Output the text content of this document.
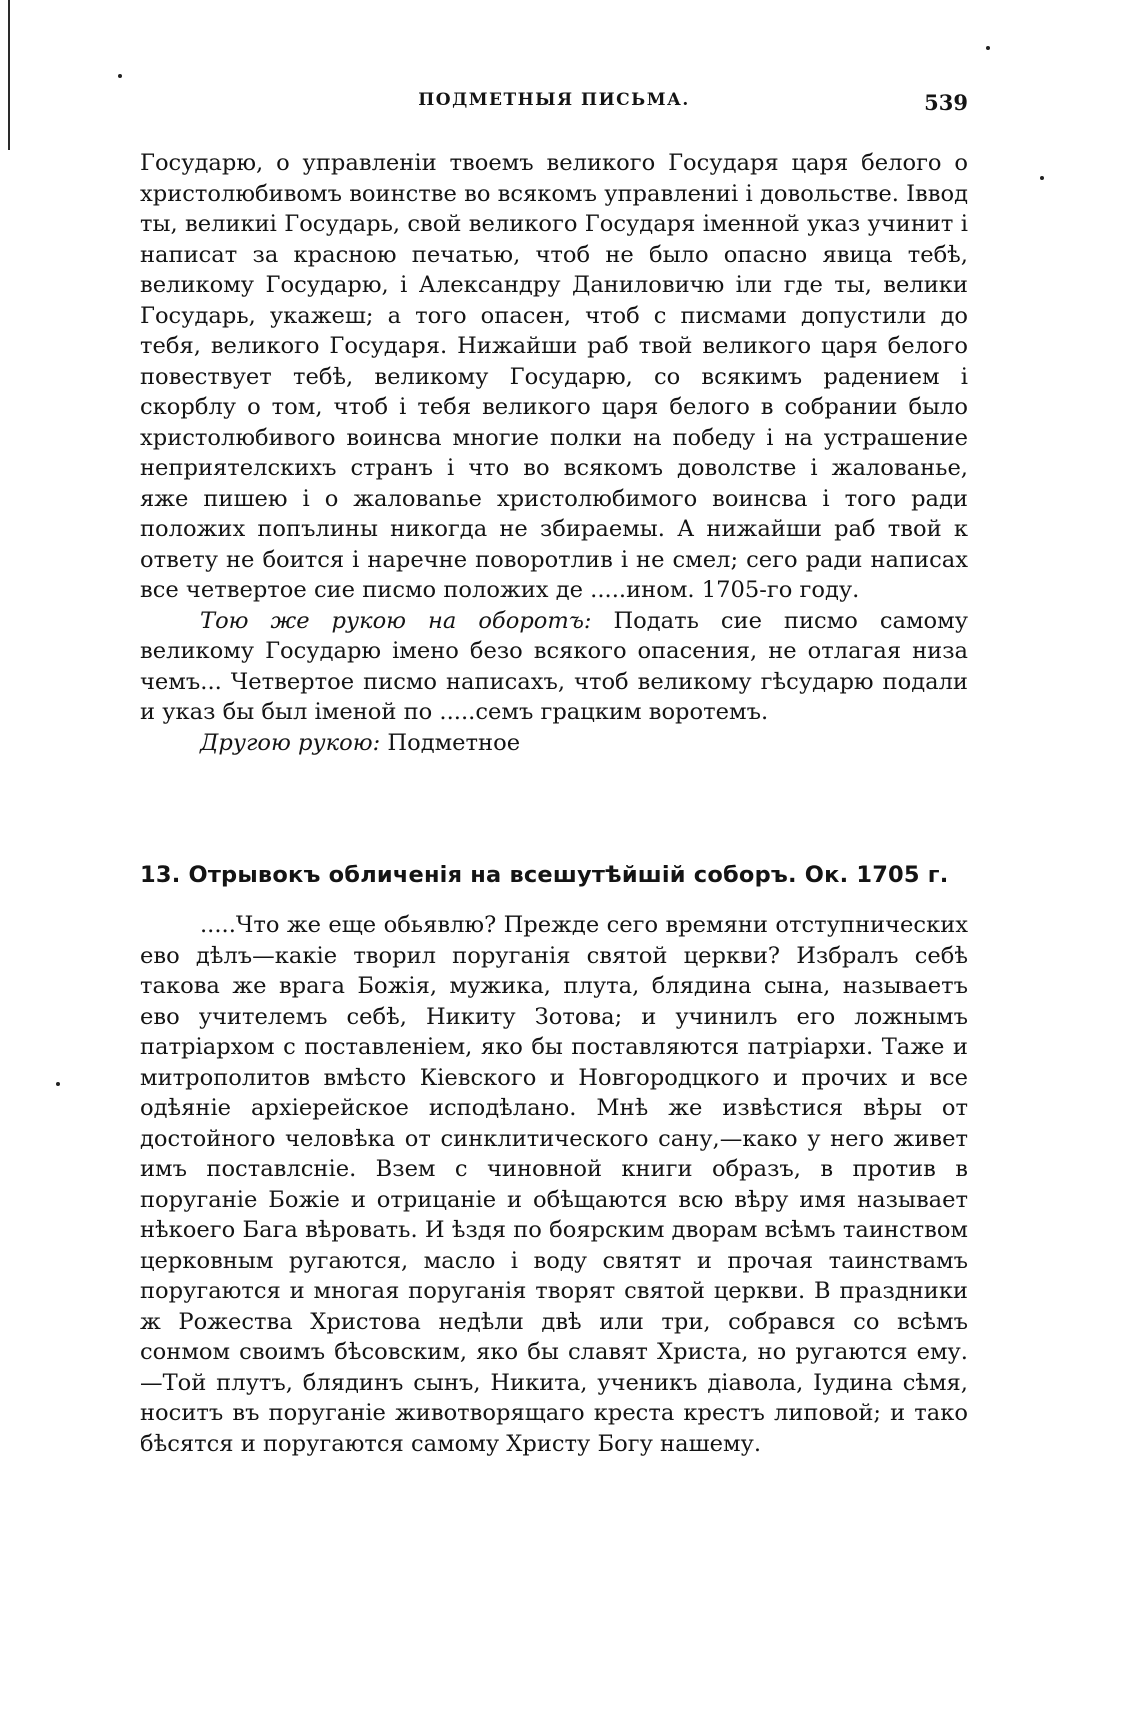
ПОДМЕТНЫЯ ПИСЬМА.	539

Государю, о управленіи твоемъ великого Государя царя белого о христолюбивомъ воинстве во всякомъ управлениі і довольстве. Іввод ты, великиі Государь, свой великого Государя іменной указ учинит і написат за красною печатью, чтоб не было опасно явица тебѣ, великому Государю, і Александру Даниловичю іли где ты, велики Государь, укажеш; а того опасен, чтоб с писмами допустили до тебя, великого Государя. Нижайши раб твой великого царя белого повествует тебѣ, великому Государю, со всякимъ радением і скорблу о том, чтоб і тебя великого царя белого в собрании было христолюбивого воинсва многие полки на победу і на устрашение неприятелскихъ странъ і что во всякомъ доволстве і жалованье, яже пишею і о жаловаnье христолюбимого воинсва і того ради положих попълины никогда не збираемы. А нижайши раб твой к ответу не боится і наречне поворотлив і не смел; сего ради написах все четвертое сие писмо положих де .....ином. 1705-го году.

Тою же рукою на оборотъ: Подать сие писмо самому великому Государю імено безо всякого опасения, не отлагая низа чемъ... Четвертое писмо написахъ, чтоб великому гѣсударю подали и указ бы был іменой по .....семъ грацким воротемъ.

Другою рукою: Подметное

13. Отрывокъ обличенія на всешутѣйшій соборъ. Ок. 1705 г.

.....Что же еще обьявлю? Прежде сего времяни отступнических ево дѣлъ—какіе творил поруганія святой церкви? Избралъ себѣ такова же врага Божія, мужика, плута, блядина сына, называетъ ево учителемъ себѣ, Никиту Зотова; и учинилъ его ложнымъ патріархом с поставленіем, яко бы поставляются патріархи. Таже и митрополитов вмѣсто Кіевского и Новгородцкого и прочих и все одѣяніе архіерейское исподѣлано. Мнѣ же извѣстися вѣры от достойного человѣка от синклитического сану,—како у него живет имъ поставлсніе. Взем с чиновной книги образъ, в против в поруганіе Божіе и отрицаніе и обѣщаются всю вѣру имя называет нѣкоего Бага вѣровать. И ѣздя по боярским дворам всѣмъ таинством церковным ругаются, масло і воду святят и прочая таинствамъ поругаются и многая поруганія творят святой церкви. В праздники ж Рожества Христова недѣли двѣ или три, собрався со всѣмъ сонмом своимъ бѣсовским, яко бы славят Христа, но ругаются ему.—Той плутъ, блядинъ сынъ, Никита, ученикъ діавола, Іудина сѣмя, носитъ въ поруганіе животворящаго креста крестъ липовой; и тако бѣсятся и поругаются самому Христу Богу нашему.
